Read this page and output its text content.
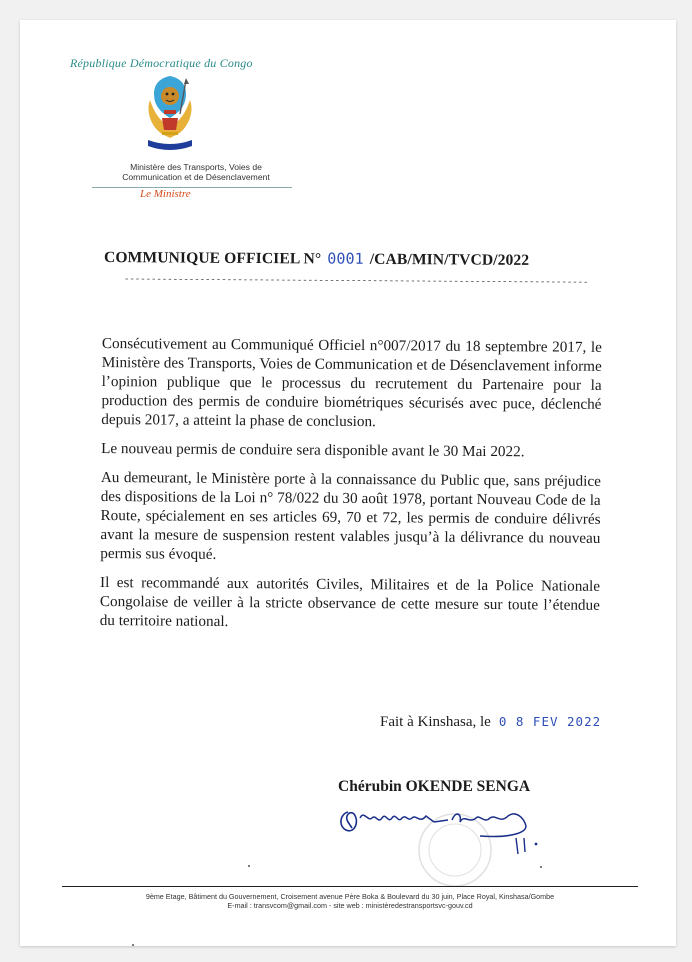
République Démocratique du Congo
Ministère des Transports, Voies de
Communication et de Désenclavement
Le Ministre
COMMUNIQUE OFFICIEL N° 0001 /CAB/MIN/TVCD/2022
--------------------------------------------------------------------------------------

Consécutivement au Communiqué Officiel n°007/2017 du 18 septembre 2017, le Ministère des Transports, Voies de Communication et de Désenclavement informe l’opinion publique que le processus du recrutement du Partenaire pour la production des permis de conduire biométriques sécurisés avec puce, déclenché depuis 2017, a atteint la phase de conclusion.

Le nouveau permis de conduire sera disponible avant le 30 Mai 2022.

Au demeurant, le Ministère porte à la connaissance du Public que, sans préjudice des dispositions de la Loi n° 78/022 du 30 août 1978, portant Nouveau Code de la Route, spécialement en ses articles 69, 70 et 72, les permis de conduire délivrés avant la mesure de suspension restent valables jusqu’à la délivrance du nouveau permis sus évoqué.

Il est recommandé aux autorités Civiles, Militaires et de la Police Nationale Congolaise de veiller à la stricte observance de cette mesure sur toute l’étendue du territoire national.

Fait à Kinshasa, le 0 8 FEV 2022
Chérubin OKENDE SENGA
9ème Etage, Bâtiment du Gouvernement, Croisement avenue Père Boka & Boulevard du 30 juin, Place Royal, Kinshasa/Gombe
E-mail : transvcom@gmail.com - site web : ministèredestransportsvc-gouv.cd
